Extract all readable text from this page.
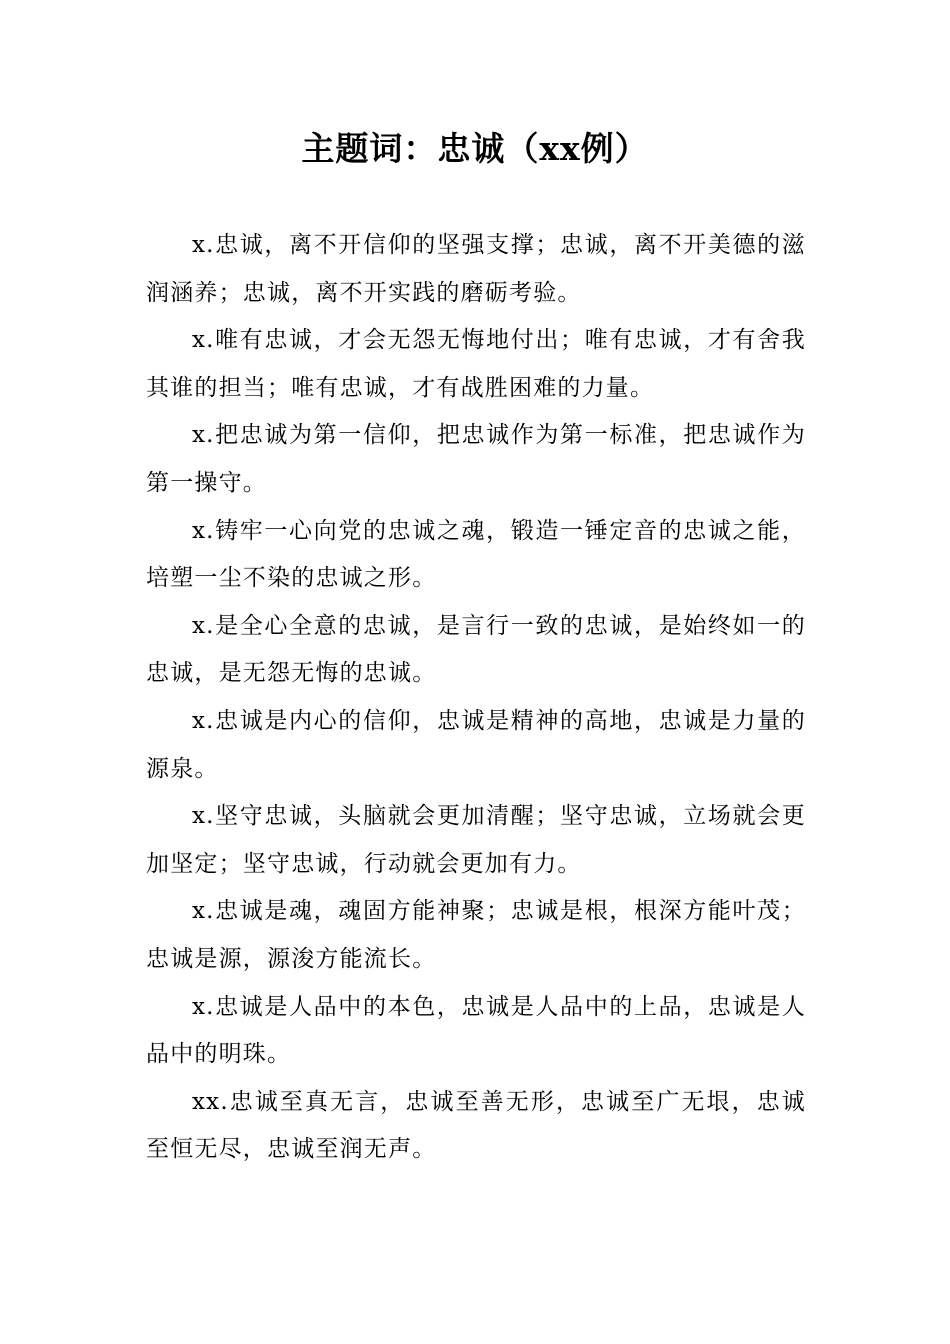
主题词：忠诚（xx例）

x.忠诚，离不开信仰的坚强支撑；忠诚，离不开美德的滋润涵养；忠诚，离不开实践的磨砺考验。

x.唯有忠诚，才会无怨无悔地付出；唯有忠诚，才有舍我其谁的担当；唯有忠诚，才有战胜困难的力量。

x.把忠诚为第一信仰，把忠诚作为第一标准，把忠诚作为第一操守。

x.铸牢一心向党的忠诚之魂，锻造一锤定音的忠诚之能，培塑一尘不染的忠诚之形。

x.是全心全意的忠诚，是言行一致的忠诚，是始终如一的忠诚，是无怨无悔的忠诚。

x.忠诚是内心的信仰，忠诚是精神的高地，忠诚是力量的源泉。

x.坚守忠诚，头脑就会更加清醒；坚守忠诚，立场就会更加坚定；坚守忠诚，行动就会更加有力。

x.忠诚是魂，魂固方能神聚；忠诚是根，根深方能叶茂；忠诚是源，源浚方能流长。

x.忠诚是人品中的本色，忠诚是人品中的上品，忠诚是人品中的明珠。

xx.忠诚至真无言，忠诚至善无形，忠诚至广无垠，忠诚至恒无尽，忠诚至润无声。
